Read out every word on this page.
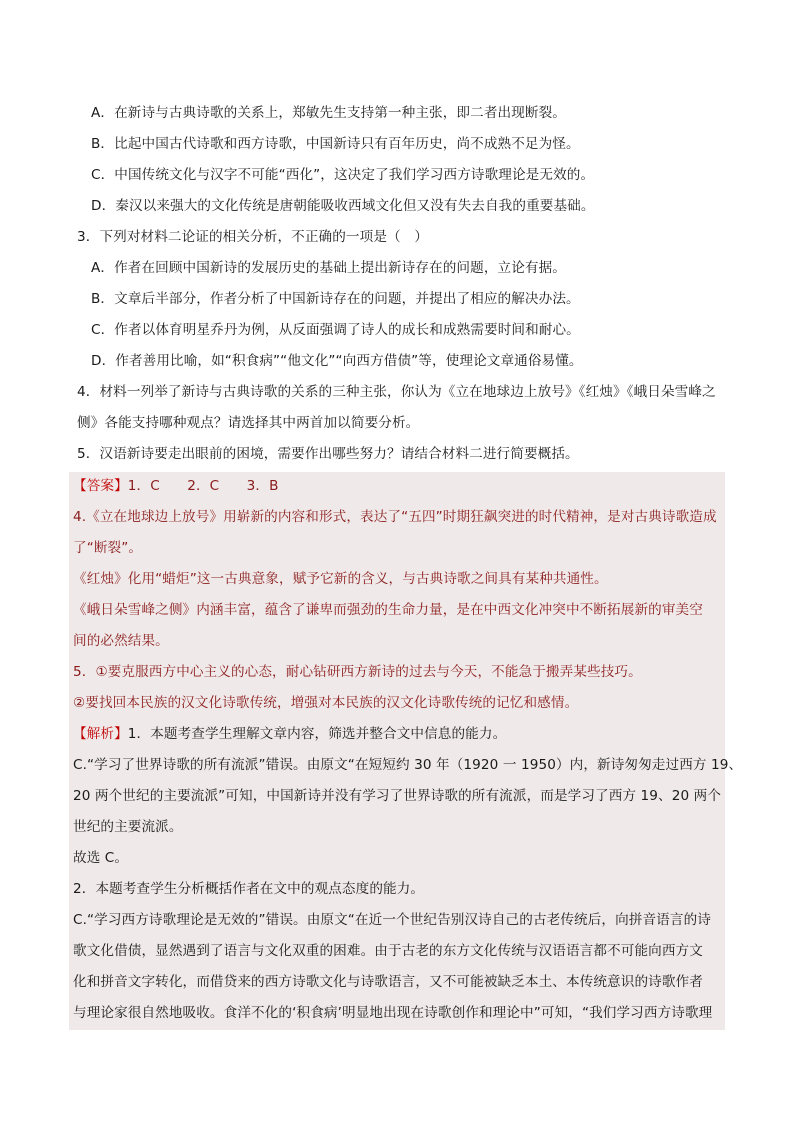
A．在新诗与古典诗歌的关系上，郑敏先生支持第一种主张，即二者出现断裂。
B．比起中国古代诗歌和西方诗歌，中国新诗只有百年历史，尚不成熟不足为怪。
C．中国传统文化与汉字不可能“西化”，这决定了我们学习西方诗歌理论是无效的。
D．秦汉以来强大的文化传统是唐朝能吸收西域文化但又没有失去自我的重要基础。
3．下列对材料二论证的相关分析，不正确的一项是（　）
A．作者在回顾中国新诗的发展历史的基础上提出新诗存在的问题，立论有据。
B．文章后半部分，作者分析了中国新诗存在的问题，并提出了相应的解决办法。
C．作者以体育明星乔丹为例，从反面强调了诗人的成长和成熟需要时间和耐心。
D．作者善用比喻，如“积食病”“他文化”“向西方借债”等，使理论文章通俗易懂。
4．材料一列举了新诗与古典诗歌的关系的三种主张，你认为《立在地球边上放号》《红烛》《峨日朵雪峰之
侧》各能支持哪种观点？请选择其中两首加以简要分析。
5．汉语新诗要走出眼前的困境，需要作出哪些努力？请结合材料二进行简要概括。
【答案】1．C　　2．C　　3．B
4.《立在地球边上放号》用崭新的内容和形式，表达了“五四”时期狂飙突进的时代精神，是对古典诗歌造成
了“断裂”。
《红烛》化用“蜡炬”这一古典意象，赋予它新的含义，与古典诗歌之间具有某种共通性。
《峨日朵雪峰之侧》内涵丰富，蕴含了谦卑而强劲的生命力量，是在中西文化冲突中不断拓展新的审美空
间的必然结果。
5．①要克服西方中心主义的心态，耐心钻研西方新诗的过去与今天，不能急于搬弄某些技巧。
②要找回本民族的汉文化诗歌传统，增强对本民族的汉文化诗歌传统的记忆和感情。
【解析】1．本题考查学生理解文章内容，筛选并整合文中信息的能力。
C.“学习了世界诗歌的所有流派”错误。由原文“在短短约 30 年（1920 一 1950）内，新诗匆匆走过西方 19、
20 两个世纪的主要流派”可知，中国新诗并没有学习了世界诗歌的所有流派，而是学习了西方 19、20 两个
世纪的主要流派。
故选 C。
2．本题考查学生分析概括作者在文中的观点态度的能力。
C.“学习西方诗歌理论是无效的”错误。由原文“在近一个世纪告别汉诗自己的古老传统后，向拼音语言的诗
歌文化借债，显然遇到了语言与文化双重的困难。由于古老的东方文化传统与汉语语言都不可能向西方文
化和拼音文字转化，而借贷来的西方诗歌文化与诗歌语言，又不可能被缺乏本土、本传统意识的诗歌作者
与理论家很自然地吸收。食洋不化的‘积食病’明显地出现在诗歌创作和理论中”可知，“我们学习西方诗歌理
